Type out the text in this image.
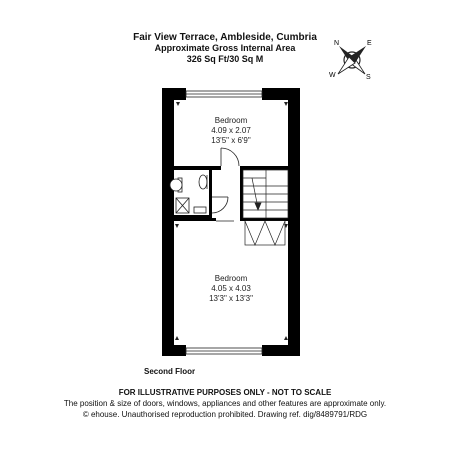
Fair View Terrace, Ambleside, Cumbria
Approximate Gross Internal Area
326 Sq Ft/30 Sq M
N	E
S
W
Bedroom
4.09 x 2.07
13'5" x 6'9"
Bedroom
4.05 x 4.03
13'3" x 13'3"
Second Floor
FOR ILLUSTRATIVE PURPOSES ONLY - NOT TO SCALE
The position & size of doors, windows, appliances and other features are approximate only.
© ehouse. Unauthorised reproduction prohibited. Drawing ref. dig/8489791/RDG
